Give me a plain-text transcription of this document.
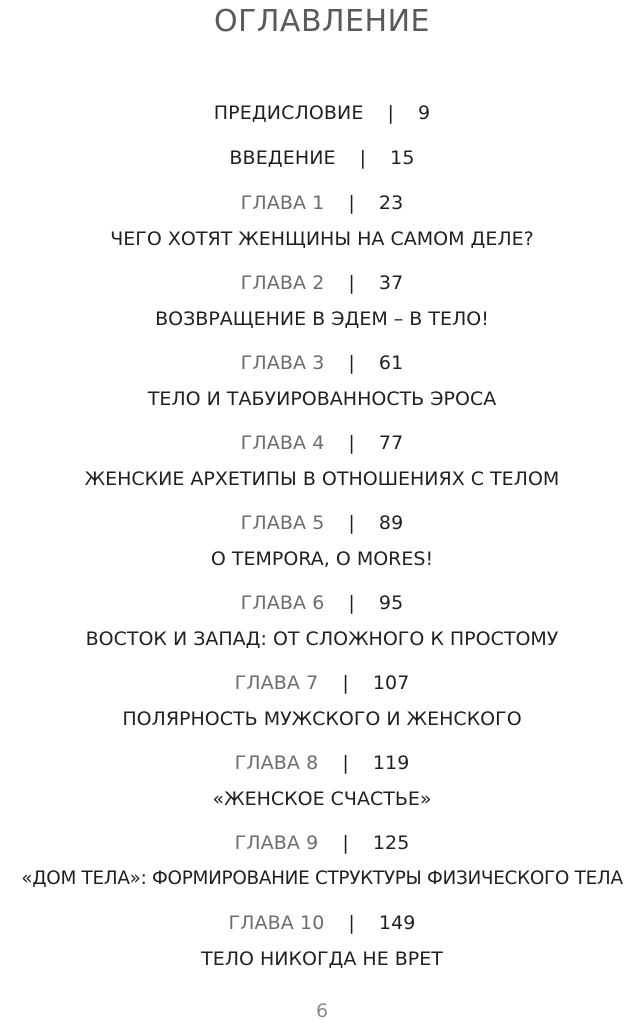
ОГЛАВЛЕНИЕ
ПРЕДИСЛОВИЕ | 9
ВВЕДЕНИЕ | 15
ГЛАВА 1 | 23
ЧЕГО ХОТЯТ ЖЕНЩИНЫ НА САМОМ ДЕЛЕ?
ГЛАВА 2 | 37
ВОЗВРАЩЕНИЕ В ЭДЕМ – В ТЕЛО!
ГЛАВА 3 | 61
ТЕЛО И ТАБУИРОВАННОСТЬ ЭРОСА
ГЛАВА 4 | 77
ЖЕНСКИЕ АРХЕТИПЫ В ОТНОШЕНИЯХ С ТЕЛОМ
ГЛАВА 5 | 89
О TEMPORA, O MORES!
ГЛАВА 6 | 95
ВОСТОК И ЗАПАД: ОТ СЛОЖНОГО К ПРОСТОМУ
ГЛАВА 7 | 107
ПОЛЯРНОСТЬ МУЖСКОГО И ЖЕНСКОГО
ГЛАВА 8 | 119
«ЖЕНСКОЕ СЧАСТЬЕ»
ГЛАВА 9 | 125
«ДОМ ТЕЛА»: ФОРМИРОВАНИЕ СТРУКТУРЫ ФИЗИЧЕСКОГО ТЕЛА
ГЛАВА 10 | 149
ТЕЛО НИКОГДА НЕ ВРЕТ
6
